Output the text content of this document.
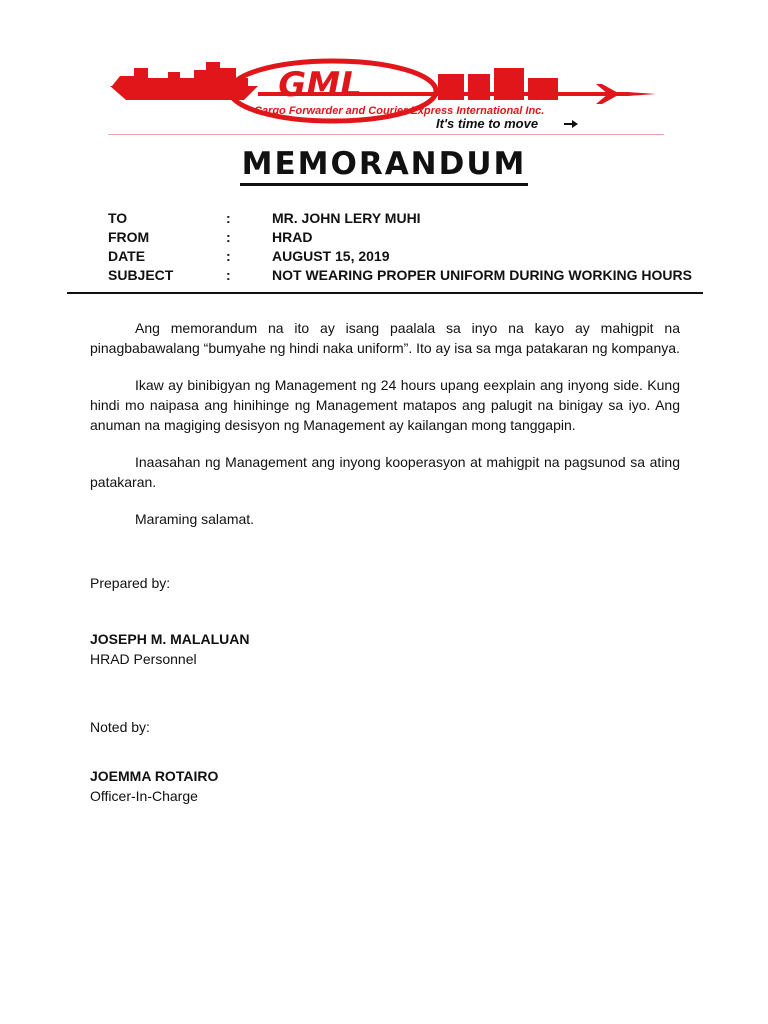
GML
Cargo Forwarder and Courier Express International Inc.
It's time to move
MEMORANDUM
TO	:	MR. JOHN LERY MUHI
FROM	:	HRAD
DATE	:	AUGUST 15, 2019
SUBJECT	:	NOT WEARING PROPER UNIFORM DURING WORKING HOURS

Ang memorandum na ito ay isang paalala sa inyo na kayo ay mahigpit na pinagbabawalang “bumyahe ng hindi naka uniform”. Ito ay isa sa mga patakaran ng kompanya.

Ikaw ay binibigyan ng Management ng 24 hours upang eexplain ang inyong side. Kung hindi mo naipasa ang hinihinge ng Management matapos ang palugit na binigay sa iyo. Ang anuman na magiging desisyon ng Management ay kailangan mong tanggapin.

Inaasahan ng Management ang inyong kooperasyon at mahigpit na pagsunod sa ating patakaran.

Maraming salamat.

Prepared by:
JOSEPH M. MALALUAN
HRAD Personnel
Noted by:
JOEMMA ROTAIRO
Officer-In-Charge
